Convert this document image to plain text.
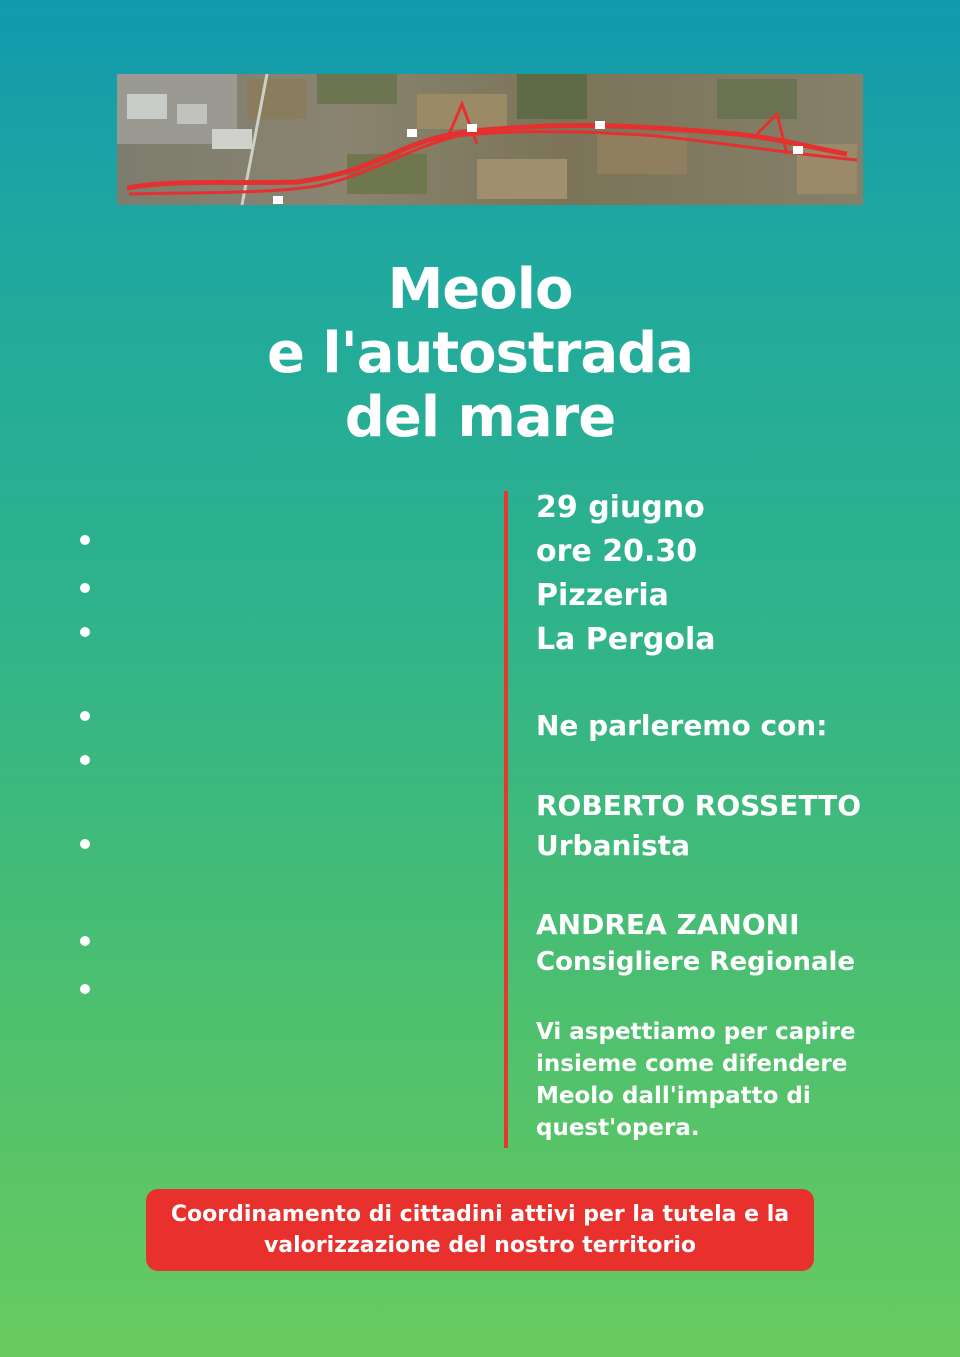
Meolo
e l'autostrada
del mare
29 giugno
ore 20.30
Pizzeria
La Pergola
Ne parleremo con:
ROBERTO ROSSETTO
Urbanista
ANDREA ZANONI
Consigliere Regionale
Vi aspettiamo per capire
insieme come difendere
Meolo dall'impatto di
quest'opera.
Coordinamento di cittadini attivi per la tutela e la
valorizzazione del nostro territorio
